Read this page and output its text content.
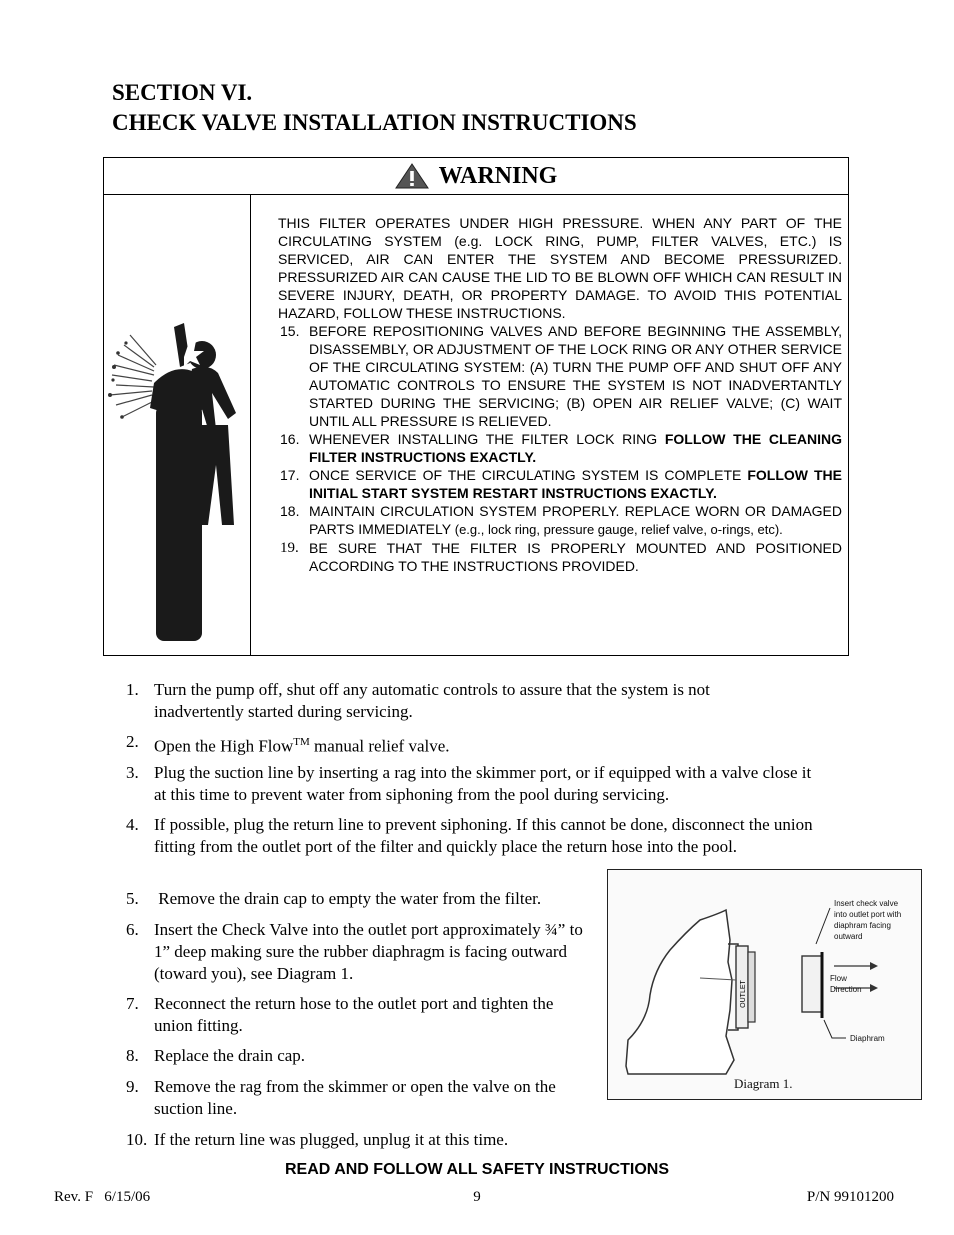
SECTION VI.
CHECK VALVE INSTALLATION INSTRUCTIONS
WARNING

THIS FILTER OPERATES UNDER HIGH PRESSURE. WHEN ANY PART OF THE CIRCULATING SYSTEM (e.g. LOCK RING, PUMP, FILTER VALVES, ETC.) IS SERVICED, AIR CAN ENTER THE SYSTEM AND BECOME PRESSURIZED. PRESSURIZED AIR CAN CAUSE THE LID TO BE BLOWN OFF WHICH CAN RESULT IN SEVERE INJURY, DEATH, OR PROPERTY DAMAGE. TO AVOID THIS POTENTIAL HAZARD, FOLLOW THESE INSTRUCTIONS.

15. BEFORE REPOSITIONING VALVES AND BEFORE BEGINNING THE ASSEMBLY, DISASSEMBLY, OR ADJUSTMENT OF THE LOCK RING OR ANY OTHER SERVICE OF THE CIRCULATING SYSTEM: (A) TURN THE PUMP OFF AND SHUT OFF ANY AUTOMATIC CONTROLS TO ENSURE THE SYSTEM IS NOT INADVERTANTLY STARTED DURING THE SERVICING; (B) OPEN AIR RELIEF VALVE; (C) WAIT UNTIL ALL PRESSURE IS RELIEVED.
16. WHENEVER INSTALLING THE FILTER LOCK RING FOLLOW THE CLEANING FILTER INSTRUCTIONS EXACTLY.
17. ONCE SERVICE OF THE CIRCULATING SYSTEM IS COMPLETE FOLLOW THE INITIAL START SYSTEM RESTART INSTRUCTIONS EXACTLY.
18. MAINTAIN CIRCULATION SYSTEM PROPERLY. REPLACE WORN OR DAMAGED PARTS IMMEDIATELY (e.g., lock ring, pressure gauge, relief valve, o-rings, etc).
19. BE SURE THAT THE FILTER IS PROPERLY MOUNTED AND POSITIONED ACCORDING TO THE INSTRUCTIONS PROVIDED.
1. Turn the pump off, shut off any automatic controls to assure that the system is not inadvertently started during servicing.
2. Open the High Flow™ manual relief valve.
3. Plug the suction line by inserting a rag into the skimmer port, or if equipped with a valve close it at this time to prevent water from siphoning from the pool during servicing.
4. If possible, plug the return line to prevent siphoning. If this cannot be done, disconnect the union fitting from the outlet port of the filter and quickly place the return hose into the pool.
5. Remove the drain cap to empty the water from the filter.
6. Insert the Check Valve into the outlet port approximately ¾” to 1” deep making sure the rubber diaphragm is facing outward (toward you), see Diagram 1.
7. Reconnect the return hose to the outlet port and tighten the union fitting.
8. Replace the drain cap.
9. Remove the rag from the skimmer or open the valve on the suction line.
10. If the return line was plugged, unplug it at this time.
OUTLET
Insert check valve
into outlet port with
diaphram facing
outward
Flow
Direction
Diaphram
Diagram 1.
READ AND FOLLOW ALL SAFETY INSTRUCTIONS
Rev. F   6/15/06	9	P/N 99101200
